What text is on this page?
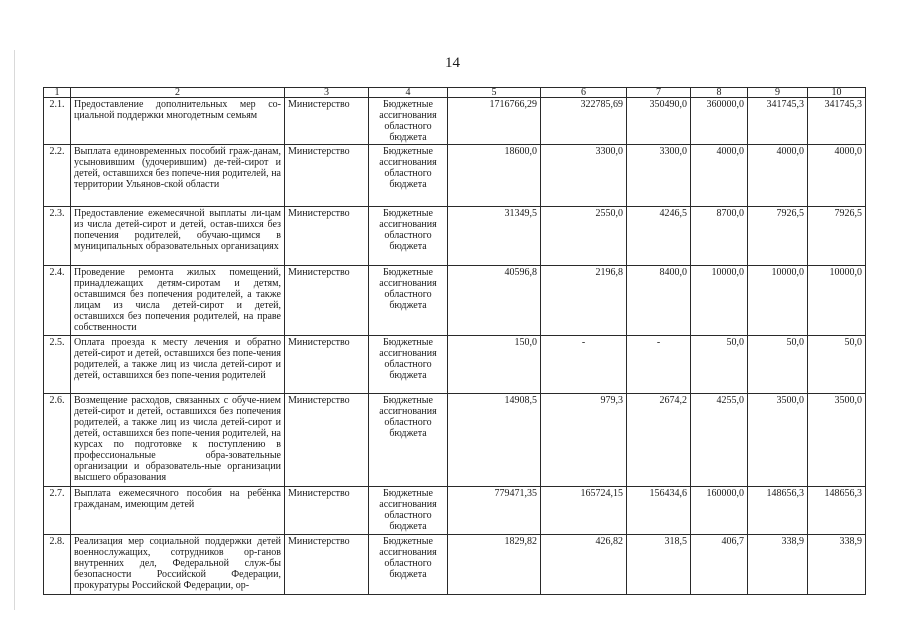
14
1	2	3	4	5	6	7	8	9	10
2.1.	Предоставление дополнительных мер со-циальной поддержки многодетным семьям	Министерство	Бюджетные ассигнования областного бюджета	1716766,29	322785,69	350490,0	360000,0	341745,3	341745,3
2.2.	Выплата единовременных пособий граж-данам, усыновившим (удочерившим) де-тей-сирот и детей, оставшихся без попече-ния родителей, на территории Ульянов-ской области	Министерство	Бюджетные ассигнования областного бюджета	18600,0	3300,0	3300,0	4000,0	4000,0	4000,0
2.3.	Предоставление ежемесячной выплаты ли-цам из числа детей-сирот и детей, остав-шихся без попечения родителей, обучаю-щимся в муниципальных образовательных организациях	Министерство	Бюджетные ассигнования областного бюджета	31349,5	2550,0	4246,5	8700,0	7926,5	7926,5
2.4.	Проведение ремонта жилых помещений, принадлежащих детям-сиротам и детям, оставшимся без попечения родителей, а также лицам из числа детей-сирот и детей, оставшихся без попечения родителей, на праве собственности	Министерство	Бюджетные ассигнования областного бюджета	40596,8	2196,8	8400,0	10000,0	10000,0	10000,0
2.5.	Оплата проезда к месту лечения и обратно детей-сирот и детей, оставшихся без попе-чения родителей, а также лиц из числа детей-сирот и детей, оставшихся без попе-чения родителей	Министерство	Бюджетные ассигнования областного бюджета	150,0	-	-	50,0	50,0	50,0
2.6.	Возмещение расходов, связанных с обуче-нием детей-сирот и детей, оставшихся без попечения родителей, а также лиц из числа детей-сирот и детей, оставшихся без попе-чения родителей, на курсах по подготовке к поступлению в профессиональные обра-зовательные организации и образователь-ные организации высшего образования	Министерство	Бюджетные ассигнования областного бюджета	14908,5	979,3	2674,2	4255,0	3500,0	3500,0
2.7.	Выплата ежемесячного пособия на ребёнка гражданам, имеющим детей	Министерство	Бюджетные ассигнования областного бюджета	779471,35	165724,15	156434,6	160000,0	148656,3	148656,3
2.8.	Реализация мер социальной поддержки детей военнослужащих, сотрудников ор-ганов внутренних дел, Федеральной служ-бы безопасности Российской Федерации, прокуратуры Российской Федерации, ор-	Министерство	Бюджетные ассигнования областного бюджета	1829,82	426,82	318,5	406,7	338,9	338,9
